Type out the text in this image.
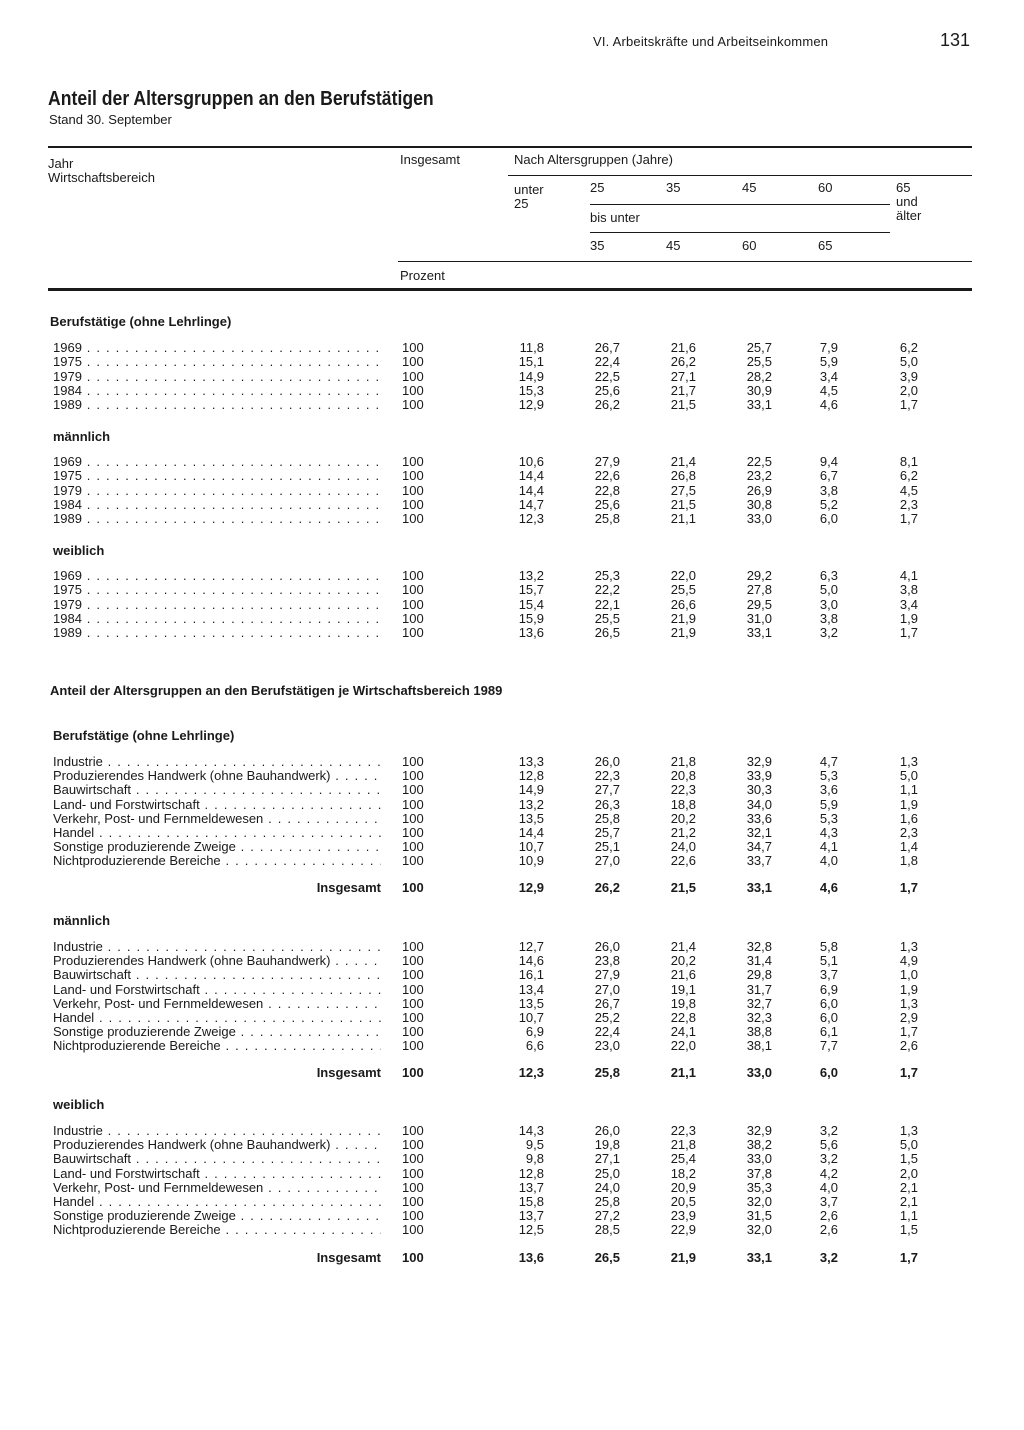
VI. Arbeitskräfte und Arbeitseinkommen	131
Anteil der Altersgruppen an den Berufstätigen
Stand 30. September
Jahr
Wirtschaftsbereich
Insgesamt	Nach Altersgruppen (Jahre)
unter
25
25	35	45	60	65
und
älter
bis unter
35	45	60	65
Prozent
Berufstätige (ohne Lehrlinge)
1969 . . .	100	11,8	26,7	21,6	25,7	7,9	6,2
1975 . . .	100	15,1	22,4	26,2	25,5	5,9	5,0
1979 . . .	100	14,9	22,5	27,1	28,2	3,4	3,9
1984 . . .	100	15,3	25,6	21,7	30,9	4,5	2,0
1989 . . .	100	12,9	26,2	21,5	33,1	4,6	1,7
männlich
1969 . . .	100	10,6	27,9	21,4	22,5	9,4	8,1
1975 . . .	100	14,4	22,6	26,8	23,2	6,7	6,2
1979 . . .	100	14,4	22,8	27,5	26,9	3,8	4,5
1984 . . .	100	14,7	25,6	21,5	30,8	5,2	2,3
1989 . . .	100	12,3	25,8	21,1	33,0	6,0	1,7
weiblich
1969 . . .	100	13,2	25,3	22,0	29,2	6,3	4,1
1975 . . .	100	15,7	22,2	25,5	27,8	5,0	3,8
1979 . . .	100	15,4	22,1	26,6	29,5	3,0	3,4
1984 . . .	100	15,9	25,5	21,9	31,0	3,8	1,9
1989 . . .	100	13,6	26,5	21,9	33,1	3,2	1,7
Anteil der Altersgruppen an den Berufstätigen je Wirtschaftsbereich 1989
Berufstätige (ohne Lehrlinge)
Industrie . . .	100	13,3	26,0	21,8	32,9	4,7	1,3
Produzierendes Handwerk (ohne Bauhandwerk) . . .	100	12,8	22,3	20,8	33,9	5,3	5,0
Bauwirtschaft . . .	100	14,9	27,7	22,3	30,3	3,6	1,1
Land- und Forstwirtschaft . . .	100	13,2	26,3	18,8	34,0	5,9	1,9
Verkehr, Post- und Fernmeldewesen . . .	100	13,5	25,8	20,2	33,6	5,3	1,6
Handel . . .	100	14,4	25,7	21,2	32,1	4,3	2,3
Sonstige produzierende Zweige . . .	100	10,7	25,1	24,0	34,7	4,1	1,4
Nichtproduzierende Bereiche . . .	100	10,9	27,0	22,6	33,7	4,0	1,8
Insgesamt 100	12,9	26,2	21,5	33,1	4,6	1,7
männlich
Industrie . . .	100	12,7	26,0	21,4	32,8	5,8	1,3
Produzierendes Handwerk (ohne Bauhandwerk) . . .	100	14,6	23,8	20,2	31,4	5,1	4,9
Bauwirtschaft . . .	100	16,1	27,9	21,6	29,8	3,7	1,0
Land- und Forstwirtschaft . . .	100	13,4	27,0	19,1	31,7	6,9	1,9
Verkehr, Post- und Fernmeldewesen . . .	100	13,5	26,7	19,8	32,7	6,0	1,3
Handel . . .	100	10,7	25,2	22,8	32,3	6,0	2,9
Sonstige produzierende Zweige . . .	100	6,9	22,4	24,1	38,8	6,1	1,7
Nichtproduzierende Bereiche . . .	100	6,6	23,0	22,0	38,1	7,7	2,6
Insgesamt 100	12,3	25,8	21,1	33,0	6,0	1,7
weiblich
Industrie . . .	100	14,3	26,0	22,3	32,9	3,2	1,3
Produzierendes Handwerk (ohne Bauhandwerk) . . .	100	9,5	19,8	21,8	38,2	5,6	5,0
Bauwirtschaft . . .	100	9,8	27,1	25,4	33,0	3,2	1,5
Land- und Forstwirtschaft . . .	100	12,8	25,0	18,2	37,8	4,2	2,0
Verkehr, Post- und Fernmeldewesen . . .	100	13,7	24,0	20,9	35,3	4,0	2,1
Handel . . .	100	15,8	25,8	20,5	32,0	3,7	2,1
Sonstige produzierende Zweige . . .	100	13,7	27,2	23,9	31,5	2,6	1,1
Nichtproduzierende Bereiche . . .	100	12,5	28,5	22,9	32,0	2,6	1,5
Insgesamt 100	13,6	26,5	21,9	33,1	3,2	1,7
